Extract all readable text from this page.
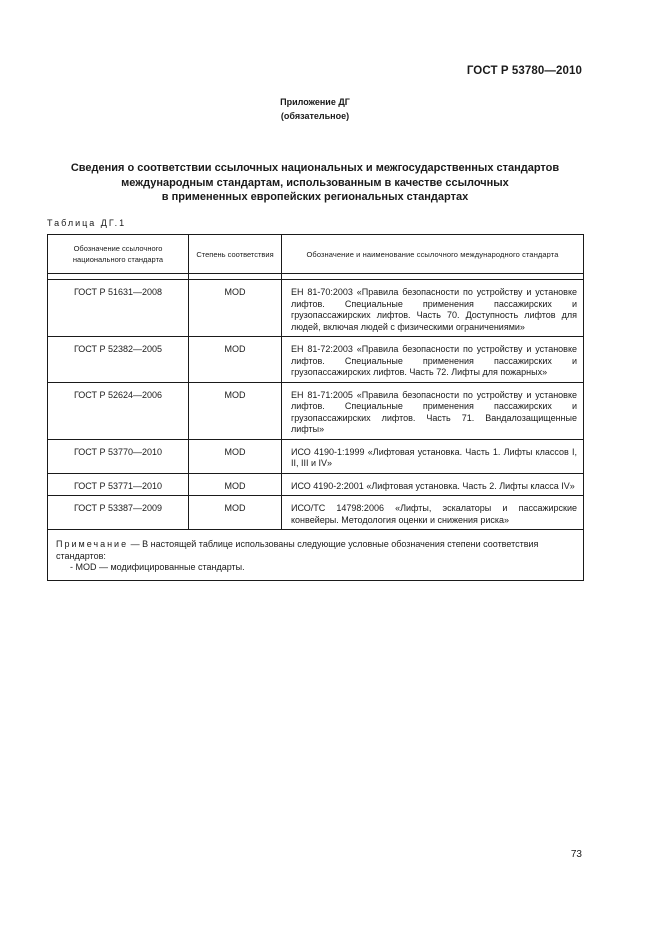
ГОСТ Р 53780—2010
Приложение ДГ
(обязательное)
Сведения о соответствии ссылочных национальных и межгосударственных стандартов
международным стандартам, использованным в качестве ссылочных
в примененных европейских региональных стандартах
Таблица ДГ.1
Обозначение ссылочного национального стандарта	Степень соответствия	Обозначение и наименование ссылочного международного стандарта

ГОСТ Р 51631—2008	MOD	ЕН 81-70:2003 «Правила безопасности по устройству и установке лифтов. Специальные применения пассажирских и грузопассажирских лифтов. Часть 70. Доступность лифтов для людей, включая людей с физическими ограничениями»
ГОСТ Р 52382—2005	MOD	ЕН 81-72:2003 «Правила безопасности по устройству и установке лифтов. Специальные применения пассажирских и грузопассажирских лифтов. Часть 72. Лифты для пожарных»
ГОСТ Р 52624—2006	MOD	ЕН 81-71:2005 «Правила безопасности по устройству и установке лифтов. Специальные применения пассажирских и грузопассажирских лифтов. Часть 71. Вандалозащищенные лифты»
ГОСТ Р 53770—2010	MOD	ИСО 4190-1:1999 «Лифтовая установка. Часть 1. Лифты классов I, II, III и IV»
ГОСТ Р 53771—2010	MOD	ИСО 4190-2:2001 «Лифтовая установка. Часть 2. Лифты класса IV»
ГОСТ Р 53387—2009	MOD	ИСО/ТС 14798:2006 «Лифты, эскалаторы и пассажирские конвейеры. Методология оценки и снижения риска»
Примечание — В настоящей таблице использованы следующие условные обозначения степени соответствия стандартов:
- MOD — модифицированные стандарты.		
73
